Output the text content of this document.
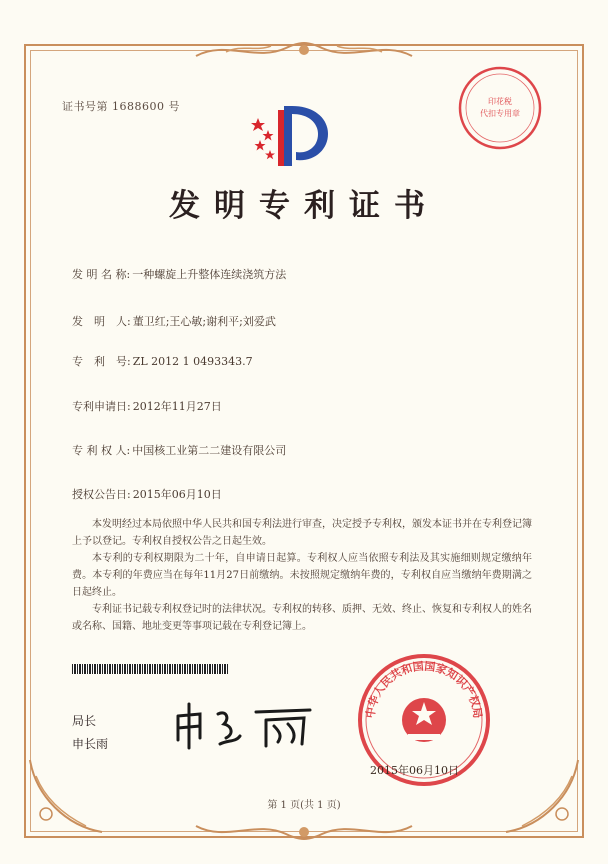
证书号第 1688600 号	印花税
代扣专用章
发明专利证书
发 明 名 称: 一种螺旋上升整体连续浇筑方法
发　明　人: 董卫红;王心敏;谢利平;刘爱武
专　利　号: ZL 2012 1 0493343.7
专利申请日: 2012年11月27日
专 利 权 人: 中国核工业第二二建设有限公司
授权公告日: 2015年06月10日

本发明经过本局依照中华人民共和国专利法进行审查，决定授予专利权，颁发本证书并在专利登记簿上予以登记。专利权自授权公告之日起生效。

本专利的专利权期限为二十年，自申请日起算。专利权人应当依照专利法及其实施细则规定缴纳年费。本专利的年费应当在每年11月27日前缴纳。未按照规定缴纳年费的，专利权自应当缴纳年费期满之日起终止。

专利证书记载专利权登记时的法律状况。专利权的转移、质押、无效、终止、恢复和专利权人的姓名或名称、国籍、地址变更等事项记载在专利登记簿上。

局长
申长雨
中华人民共和国国家知识产权局
2015年06月10日
第 1 页(共 1 页)
